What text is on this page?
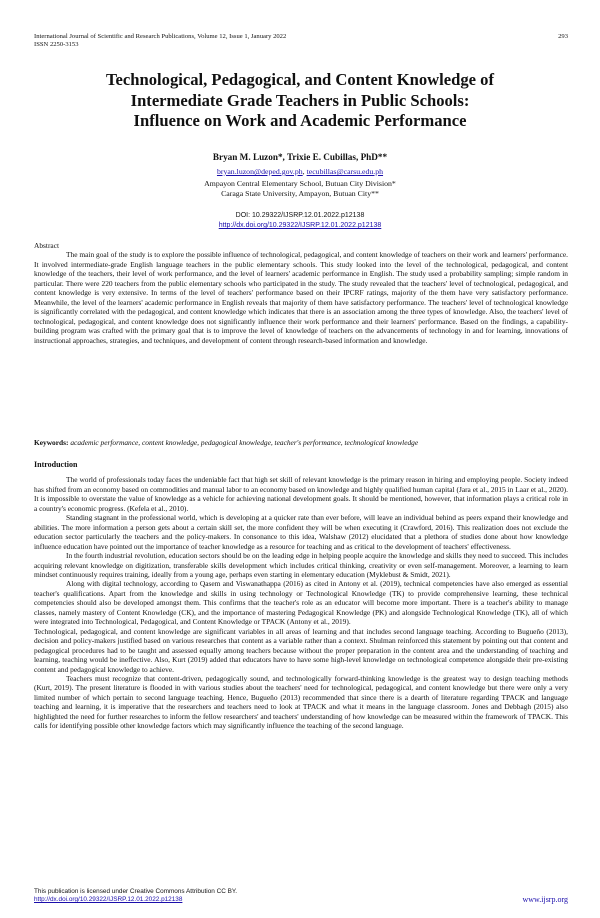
International Journal of Scientific and Research Publications, Volume 12, Issue 1, January 2022
ISSN 2250-3153
293
Technological, Pedagogical, and Content Knowledge of
Intermediate Grade Teachers in Public Schools:
Influence on Work and Academic Performance
Bryan M. Luzon*, Trixie E. Cubillas, PhD**
bryan.luzon@deped.gov.ph, tecubillas@carsu.edu.ph
Ampayon Central Elementary School, Butuan City Division*
Caraga State University, Ampayon, Butuan City**
DOI: 10.29322/IJSRP.12.01.2022.p12138
http://dx.doi.org/10.29322/IJSRP.12.01.2022.p12138

Abstract

The main goal of the study is to explore the possible influence of technological, pedagogical, and content knowledge of teachers on their work and learners' performance. It involved intermediate-grade English language teachers in the public elementary schools. This study looked into the level of the technological, pedagogical, and content knowledge of the teachers, their level of work performance, and the level of learners' academic performance in English. The study used a probability sampling; simple random in particular. There were 220 teachers from the public elementary schools who participated in the study. The study revealed that the teachers' level of technological, pedagogical, and content knowledge is very extensive. In terms of the level of teachers' performance based on their IPCRF ratings, majority of the them have very satisfactory performance. Meanwhile, the level of the learners' academic performance in English reveals that majority of them have satisfactory performance. The teachers' level of technological knowledge is significantly correlated with the pedagogical, and content knowledge which indicates that there is an association among the three types of knowledge. Also, the teachers' level of technological, pedagogical, and content knowledge does not significantly influence their work performance and their learners' performance. Based on the findings, a capability-building program was crafted with the primary goal that is to improve the level of knowledge of teachers on the advancements of technology in and for learning, innovations of instructional approaches, strategies, and techniques, and development of content through research-based information and knowledge.

Keywords: academic performance, content knowledge, pedagogical knowledge, teacher's performance, technological knowledge

Introduction

The world of professionals today faces the undeniable fact that high set skill of relevant knowledge is the primary reason in hiring and employing people. Society indeed has shifted from an economy based on commodities and manual labor to an economy based on knowledge and highly qualified human capital (Jara et al., 2015 in Laar et al., 2020). It is impossible to overstate the value of knowledge as a vehicle for achieving national development goals. It should be mentioned, however, that information plays a critical role in a country's economic progress. (Kefela et al., 2010).

Standing stagnant in the professional world, which is developing at a quicker rate than ever before, will leave an individual behind as peers expand their knowledge and abilities. The more information a person gets about a certain skill set, the more confident they will be when executing it (Crawford, 2016). This realization does not exclude the education sector particularly the teachers and the policy-makers. In consonance to this idea, Walshaw (2012) elucidated that a plethora of studies done about how knowledge influence education have pointed out the importance of teacher knowledge as a resource for teaching and as critical to the development of teachers' effectiveness.

In the fourth industrial revolution, education sectors should be on the leading edge in helping people acquire the knowledge and skills they need to succeed. This includes acquiring relevant knowledge on digitization, transferable skills development which includes critical thinking, creativity or even self-management. Moreover, a learning to learn mindset continuously requires training, ideally from a young age, perhaps even starting in elementary education (Myklebust & Smidt, 2021).

Along with digital technology, according to Qasem and Viswanathappa (2016) as cited in Antony et al. (2019), technical competencies have also emerged as essential teacher's qualifications. Apart from the knowledge and skills in using technology or Technological Knowledge (TK) to provide comprehensive learning, these technical competencies should also be developed amongst them. This confirms that the teacher's role as an educator will become more important. There is a teacher's ability to manage classes, namely mastery of Content Knowledge (CK), and the importance of mastering Pedagogical Knowledge (PK) and alongside Technological Knowledge (TK), all of which were integrated into Technological, Pedagogical, and Content Knowledge or TPACK (Antony et al., 2019).

Technological, pedagogical, and content knowledge are significant variables in all areas of learning and that includes second language teaching. According to Bugueño (2013), decision and policy-makers justified based on various researches that content as a variable rather than a context. Shulman reinforced this statement by pointing out that content and pedagogical procedures had to be taught and assessed equally among teachers because without the proper preparation in the content area and the understanding of teaching and learning, teaching would be ineffective. Also, Kurt (2019) added that educators have to have some high-level knowledge on technological competence alongside their pre-existing content and pedagogical knowledge to achieve.

Teachers must recognize that content-driven, pedagogically sound, and technologically forward-thinking knowledge is the greatest way to design teaching methods (Kurt, 2019). The present literature is flooded in with various studies about the teachers' need for technological, pedagogical, and content knowledge but there were only a very limited number of which pertain to second language teaching. Hence, Bugueño (2013) recommended that since there is a dearth of literature regarding TPACK and language teaching and learning, it is imperative that the researchers and teachers need to look at TPACK and what it means in the language classroom. Jones and Debbagh (2015) also highlighted the need for further researches to inform the fellow researchers' and teachers' understanding of how knowledge can be measured within the framework of TPACK. This calls for identifying possible other knowledge factors which may significantly influence the teaching of the second language.

This publication is licensed under Creative Commons Attribution CC BY.
http://dx.doi.org/10.29322/IJSRP.12.01.2022.p12138	www.ijsrp.org
